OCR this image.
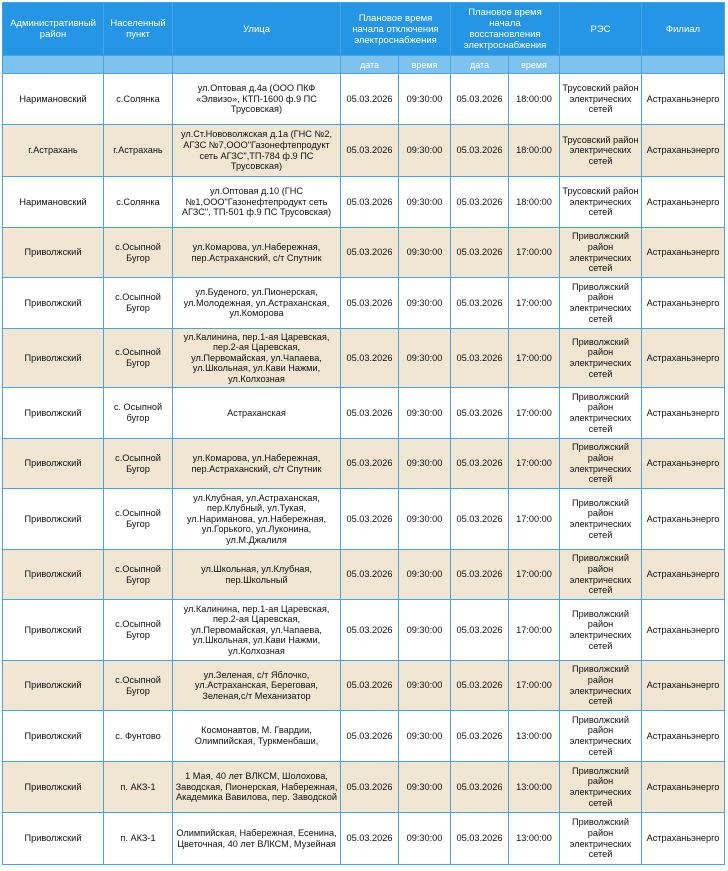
Административный район	Населенный пункт	Улица	Плановое время начала отключения электроснабжения		Плановое время начала восстановления электроснабжения		РЭС	Филиал
			дата	время	дата	время		
Наримановский	с.Солянка	ул.Оптовая д.4а (ООО ПКФ «Элвизо», КТП-1600 ф.9 ПС Трусовская)	05.03.2026	09:30:00	05.03.2026	18:00:00	Трусовский район электрических сетей	Астраханьэнерго
г.Астрахань	г.Астрахань	ул.Ст.Нововолжская д.1а (ГНС №2, АГЗС №7,ООО"Газонефтепродукт сеть АГЗС",ТП-784 ф.9 ПС Трусовская)	05.03.2026	09:30:00	05.03.2026	18:00:00	Трусовский район электрических сетей	Астраханьэнерго
Наримановский	с.Солянка	ул.Оптовая д.10 (ГНС №1,ООО"Газонефтепродукт сеть АГЗС", ТП-501 ф.9 ПС Трусовская)	05.03.2026	09:30:00	05.03.2026	18:00:00	Трусовский район электрических сетей	Астраханьэнерго
Приволжский	с.Осыпной Бугор	ул.Комарова, ул.Набережная, пер.Астраханский, с/т Спутник	05.03.2026	09:30:00	05.03.2026	17:00:00	Приволжский район электрических сетей	Астраханьэнерго
Приволжский	с.Осыпной Бугор	ул.Буденого, ул.Пионерская, ул.Молодежная, ул.Астраханская, ул.Коморова	05.03.2026	09:30:00	05.03.2026	17:00:00	Приволжский район электрических сетей	Астраханьэнерго
Приволжский	с.Осыпной Бугор	ул.Калинина, пер.1-ая Царевская, пер.2-ая Царевская, ул.Первомайская, ул.Чапаева, ул.Школьная, ул.Кави Нажми, ул.Колхозная	05.03.2026	09:30:00	05.03.2026	17:00:00	Приволжский район электрических сетей	Астраханьэнерго
Приволжский	с. Осыпной бугор	Астраханская	05.03.2026	09:30:00	05.03.2026	17:00:00	Приволжский район электрических сетей	Астраханьэнерго
Приволжский	с.Осыпной Бугор	ул.Комарова, ул.Набережная, пер.Астраханский, с/т Спутник	05.03.2026	09:30:00	05.03.2026	17:00:00	Приволжский район электрических сетей	Астраханьэнерго
Приволжский	с.Осыпной Бугор	ул.Клубная, ул.Астраханская, пер.Клубный, ул.Тукая, ул.Нариманова, ул.Набережная, ул.Горького, ул.Луконина, ул.М.Джалиля	05.03.2026	09:30:00	05.03.2026	17:00:00	Приволжский район электрических сетей	Астраханьэнерго
Приволжский	с.Осыпной Бугор	ул.Школьная, ул.Клубная, пер.Школьный	05.03.2026	09:30:00	05.03.2026	17:00:00	Приволжский район электрических сетей	Астраханьэнерго
Приволжский	с.Осыпной Бугор	ул.Калинина, пер.1-ая Царевская, пер.2-ая Царевская, ул.Первомайская, ул.Чапаева, ул.Школьная, ул.Кави Нажми, ул.Колхозная	05.03.2026	09:30:00	05.03.2026	17:00:00	Приволжский район электрических сетей	Астраханьэнерго
Приволжский	с.Осыпной Бугор	ул.Зеленая, с/т Яблочко, ул.Астраханская, Береговая, Зеленая,с/т Механизатор	05.03.2026	09:30:00	05.03.2026	17:00:00	Приволжский район электрических сетей	Астраханьэнерго
Приволжский	с. Фунтово	Космонавтов, М. Гвардии, Олимпийская, Туркменбаши,	05.03.2026	09:30:00	05.03.2026	13:00:00	Приволжский район электрических сетей	Астраханьэнерго
Приволжский	п. АКЗ-1	1 Мая, 40 лет ВЛКСМ, Шолохова, Заводская, Пионерская, Набережная, Академика Вавилова, пер. Заводской	05.03.2026	09:30:00	05.03.2026	13:00:00	Приволжский район электрических сетей	Астраханьэнерго
Приволжский	п. АКЗ-1	Олимпийская, Набережная, Есенина, Цветочная, 40 лет ВЛКСМ, Музейная	05.03.2026	09:30:00	05.03.2026	13:00:00	Приволжский район электрических сетей	Астраханьэнерго
